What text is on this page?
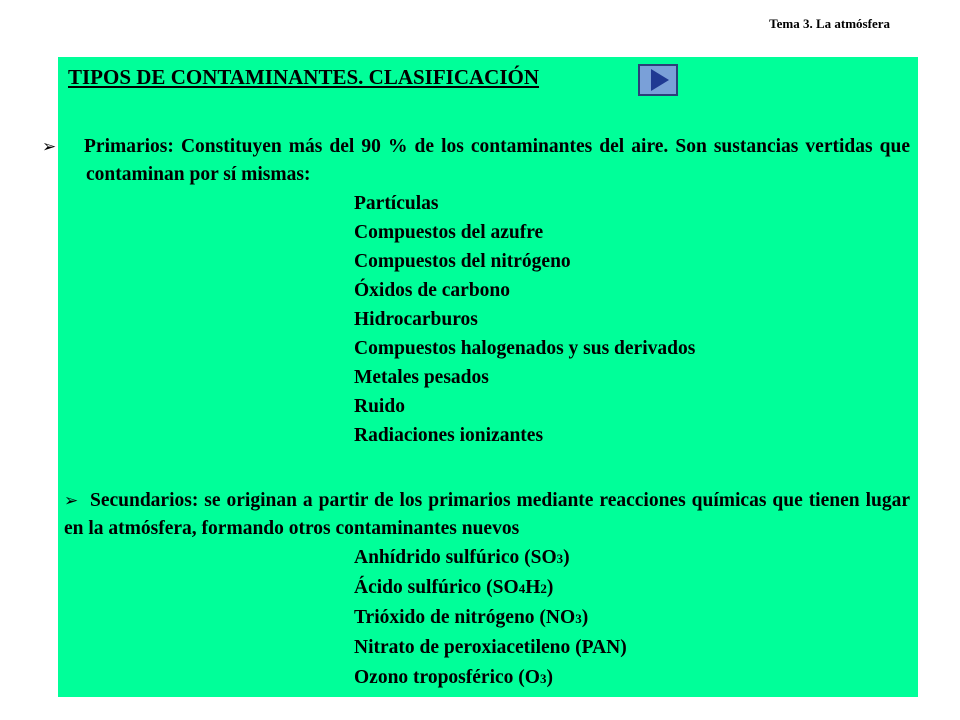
Tema 3. La atmósfera
TIPOS DE CONTAMINANTES. CLASIFICACIÓN
➢ Primarios: Constituyen más del 90 % de los contaminantes del aire. Son sustancias vertidas que contaminan por sí mismas:
Partículas
Compuestos del azufre
Compuestos del nitrógeno
Óxidos de carbono
Hidrocarburos
Compuestos halogenados y sus derivados
Metales pesados
Ruido
Radiaciones ionizantes
➢ Secundarios: se originan a partir de los primarios mediante reacciones químicas que tienen lugar en la atmósfera, formando otros contaminantes nuevos
Anhídrido sulfúrico (SO3)
Ácido sulfúrico (SO4H2)
Trióxido de nitrógeno (NO3)
Nitrato de peroxiacetileno (PAN)
Ozono troposférico (O3)
